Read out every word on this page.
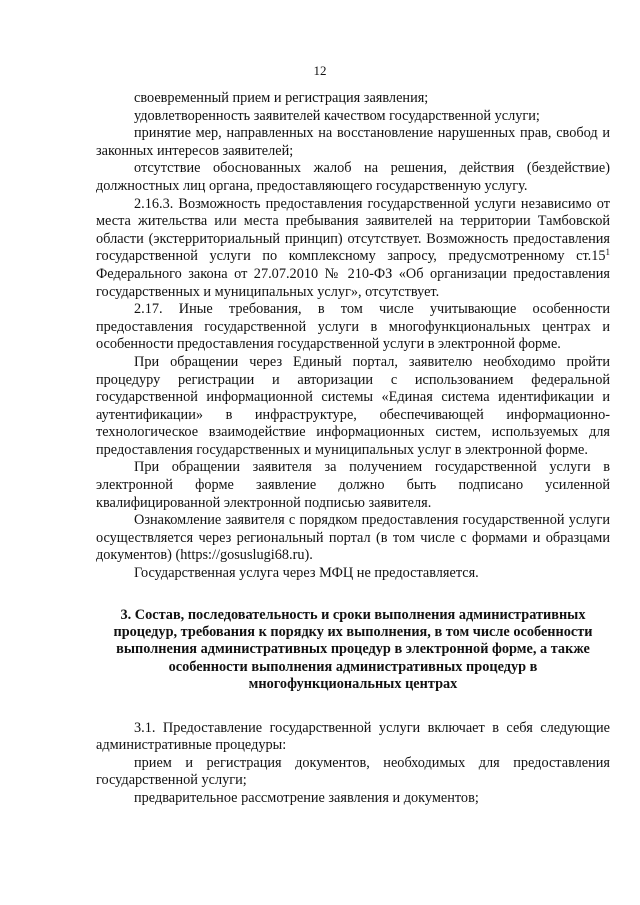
12

своевременный прием и регистрация заявления;

удовлетворенность заявителей качеством государственной услуги;

принятие мер, направленных на восстановление нарушенных прав, свобод и законных интересов заявителей;

отсутствие обоснованных жалоб на решения, действия (бездействие) должностных лиц органа, предоставляющего государственную услугу.

2.16.3. Возможность предоставления государственной услуги независимо от места жительства или места пребывания заявителей на территории Тамбовской области (экстерриториальный принцип) отсутствует. Возможность предоставления государственной услуги по комплексному запросу, предусмотренному $ст.15^1$ Федерального закона от 27.07.2010 № 210-ФЗ «Об организации предоставления государственных и муниципальных услуг», отсутствует.

2.17. Иные требования, в том числе учитывающие особенности предоставления государственной услуги в многофункциональных центрах и особенности предоставления государственной услуги в электронной форме.

При обращении через Единый портал, заявителю необходимо пройти процедуру регистрации и авторизации с использованием федеральной государственной информационной системы «Единая система идентификации и аутентификации» в инфраструктуре, обеспечивающей информационно-технологическое взаимодействие информационных систем, используемых для предоставления государственных и муниципальных услуг в электронной форме.

При обращении заявителя за получением государственной услуги в электронной форме заявление должно быть подписано усиленной квалифицированной электронной подписью заявителя.

Ознакомление заявителя с порядком предоставления государственной услуги осуществляется через региональный портал (в том числе с формами и образцами документов) (https://gosuslugi68.ru).

Государственная услуга через МФЦ не предоставляется.

3. Состав, последовательность и сроки выполнения административных процедур, требования к порядку их выполнения, в том числе особенности выполнения административных процедур в электронной форме, а также особенности выполнения административных процедур в многофункциональных центрах

3.1. Предоставление государственной услуги включает в себя следующие административные процедуры:

прием и регистрация документов, необходимых для предоставления государственной услуги;

предварительное рассмотрение заявления и документов;
